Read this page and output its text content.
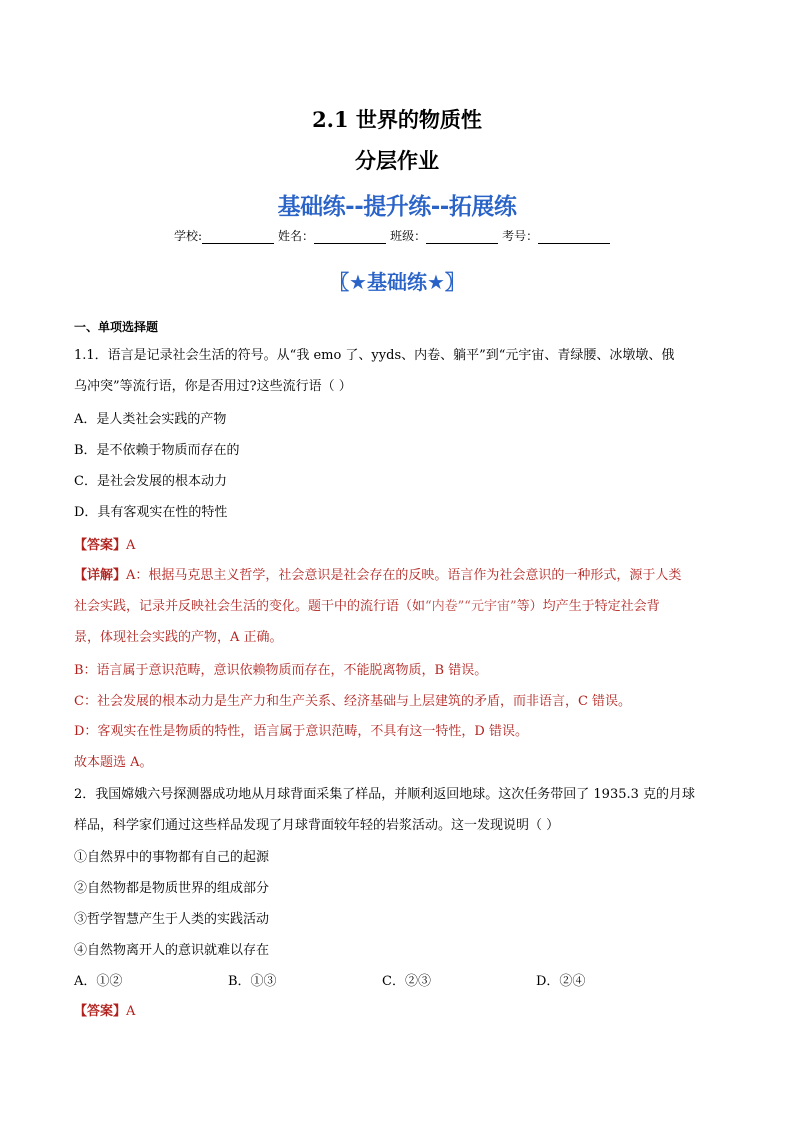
2.1 世界的物质性
分层作业
基础练--提升练--拓展练
学校:	姓名：	班级：	考号：
〖★基础练★〗
一、单项选择题
1.1．语言是记录社会生活的符号。从“我 emo 了、yyds、内卷、躺平”到“元宇宙、青绿腰、冰墩墩、俄
乌冲突”等流行语，你是否用过?这些流行语（ ）
A．是人类社会实践的产物
B．是不依赖于物质而存在的
C．是社会发展的根本动力
D．具有客观实在性的特性
【答案】A
【详解】A：根据马克思主义哲学，社会意识是社会存在的反映。语言作为社会意识的一种形式，源于人类
社会实践，记录并反映社会生活的变化。题干中的流行语（如“内卷”“元宇宙”等）均产生于特定社会背
景，体现社会实践的产物，A 正确。
B：语言属于意识范畴，意识依赖物质而存在，不能脱离物质，B 错误。
C：社会发展的根本动力是生产力和生产关系、经济基础与上层建筑的矛盾，而非语言，C 错误。
D：客观实在性是物质的特性，语言属于意识范畴，不具有这一特性，D 错误。
故本题选 A。
2．我国嫦娥六号探测器成功地从月球背面采集了样品，并顺利返回地球。这次任务带回了 1935.3 克的月球
样品，科学家们通过这些样品发现了月球背面较年轻的岩浆活动。这一发现说明（ ）
①自然界中的事物都有自己的起源
②自然物都是物质世界的组成部分
③哲学智慧产生于人类的实践活动
④自然物离开人的意识就难以存在
A．①②	B．①③	C．②③	D．②④
【答案】A
